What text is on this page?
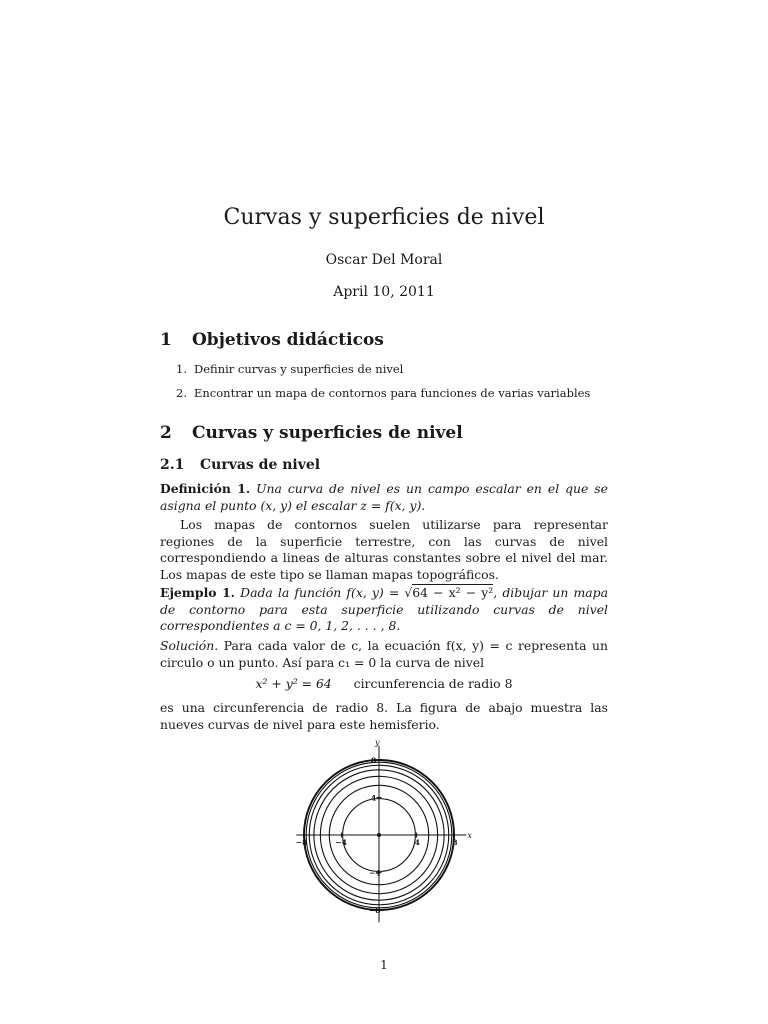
Curvas y superficies de nivel
Oscar Del Moral
April 10, 2011
1 Objetivos didácticos
1. Definir curvas y superficies de nivel
2. Encontrar un mapa de contornos para funciones de varias variables
2 Curvas y superficies de nivel
2.1 Curvas de nivel
Definición 1. Una curva de nivel es un campo escalar en el que se asigna el punto (x, y) el escalar z = f(x, y).
Los mapas de contornos suelen utilizarse para representar regiones de la superficie terrestre, con las curvas de nivel correspondiendo a lineas de alturas constantes sobre el nivel del mar. Los mapas de este tipo se llaman mapas topográficos.
Ejemplo 1. Dada la función f(x, y) = √64 − x² − y², dibujar un mapa de contorno para esta superficie utilizando curvas de nivel correspondientes a c = 0, 1, 2, . . . , 8.
Solución. Para cada valor de c, la ecuación f(x, y) = c representa un circulo o un punto. Así para c₁ = 0 la curva de nivel
x² + y² = 64 circunferencia de radio 8
es una circunferencia de radio 8. La figura de abajo muestra las nueves curvas de nivel para este hemisferio.
x
y
−8	−4	4	8
8
4
−4
−8
1
